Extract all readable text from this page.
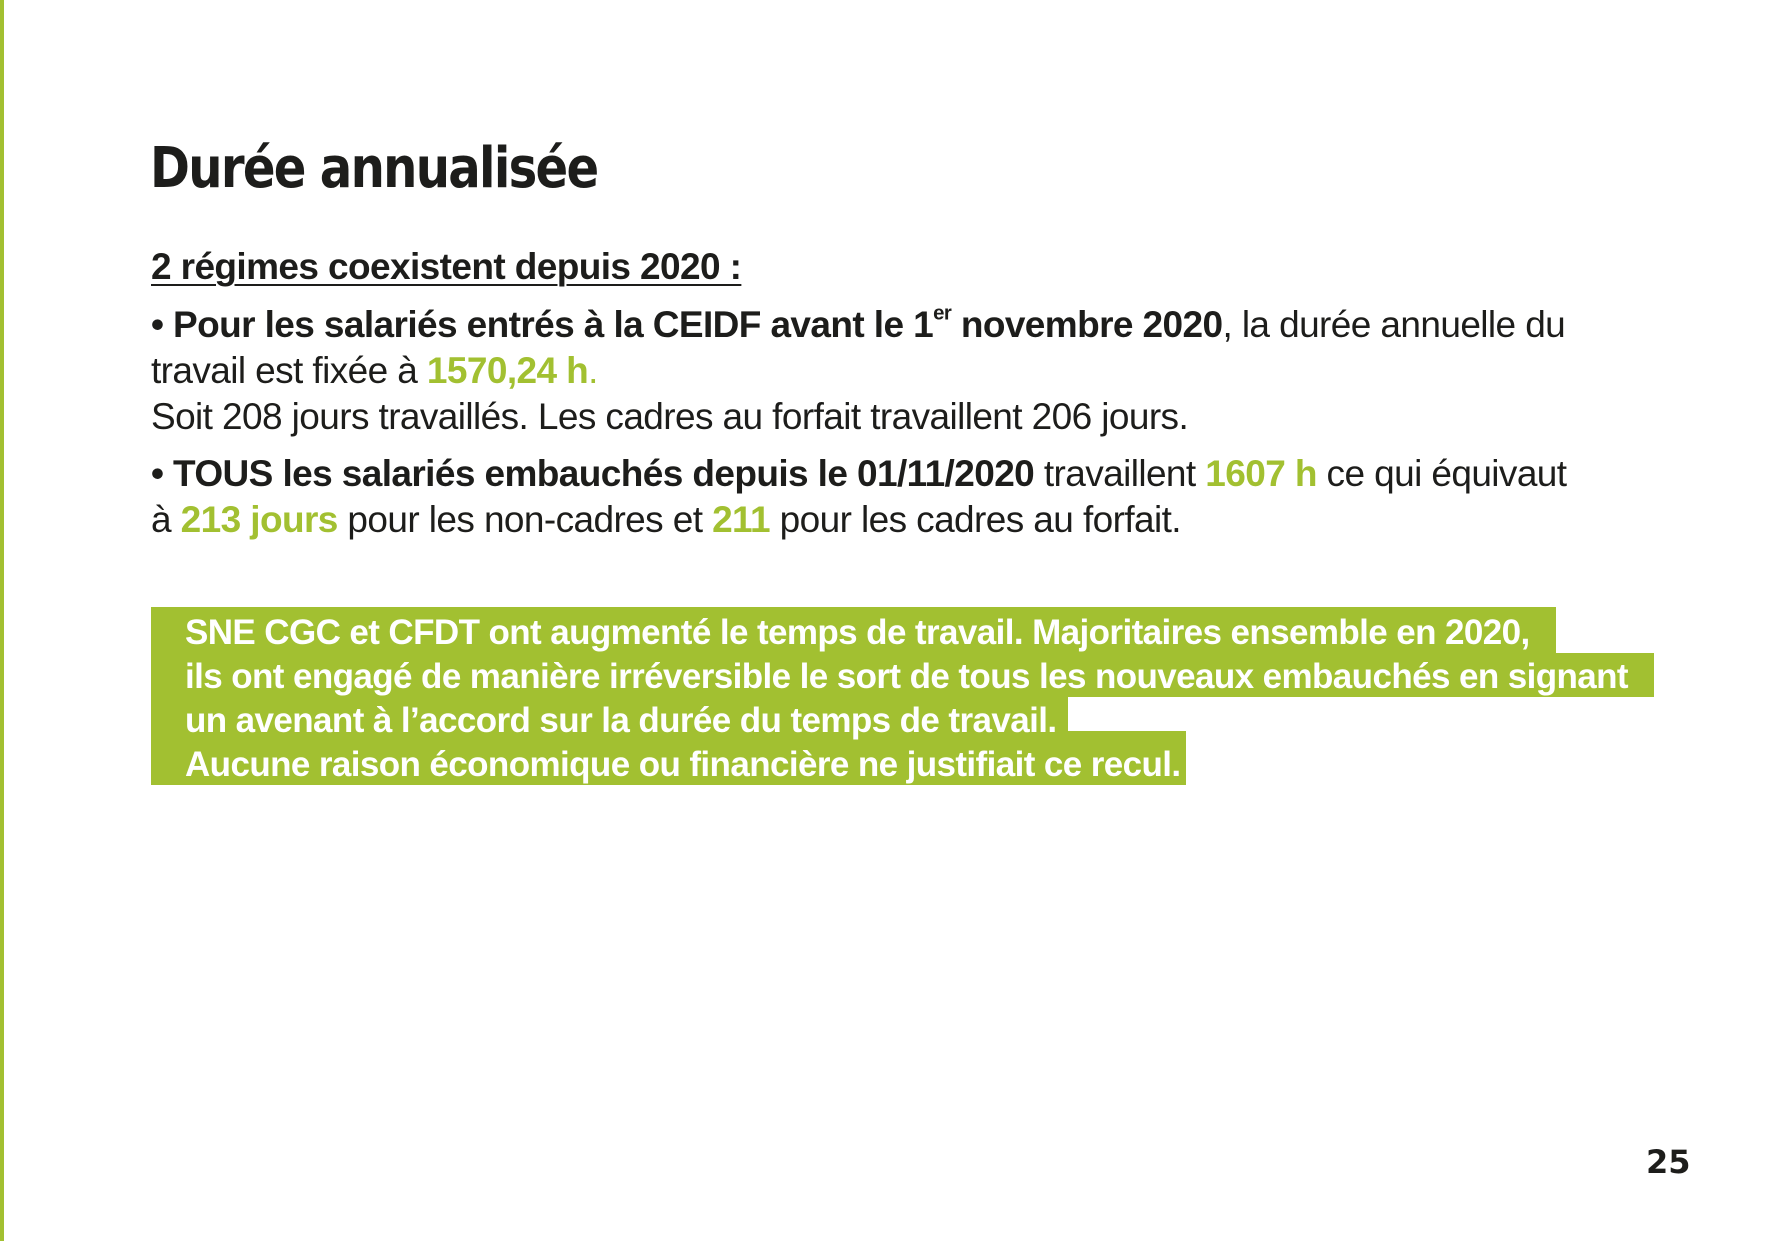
Durée annualisée

2 régimes coexistent depuis 2020 :

• Pour les salariés entrés à la CEIDF avant le 1er novembre 2020, la durée annuelle du

travail est fixée à 1570,24 h.

Soit 208 jours travaillés. Les cadres au forfait travaillent 206 jours.

• TOUS les salariés embauchés depuis le 01/11/2020 travaillent 1607 h ce qui équivaut

à 213 jours pour les non-cadres et 211 pour les cadres au forfait.

SNE CGC et CFDT ont augmenté le temps de travail. Majoritaires ensemble en 2020,

ils ont engagé de manière irréversible le sort de tous les nouveaux embauchés en signant

un avenant à l’accord sur la durée du temps de travail.

Aucune raison économique ou financière ne justifiait ce recul.

25
